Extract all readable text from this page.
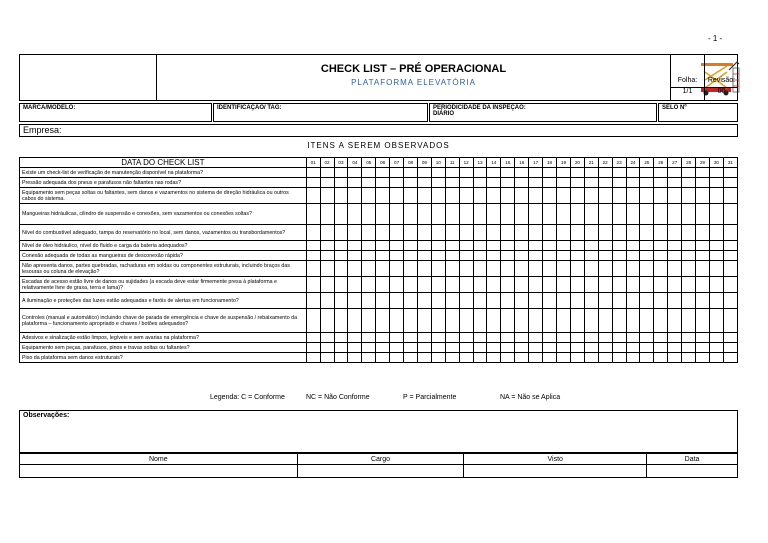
- 1 -
CHECK LIST – PRÉ OPERACIONAL
PLATAFORMA ELEVATÓRIA	Folha:
1/1
Revisão:
00
MARCA/MODELO:	IDENTIFICAÇÃO/ TAG:	PERIODICIDADE DA INSPEÇÃO:
DIÁRIO
SELO Nº
Empresa:
ITENS A SEREM OBSERVADOS
DATA DO CHECK LIST	01	02	03	04	05	06	07	08	09	10	11	12	13	14	15	16	17	18	19	20	21	22	23	24	25	26	27	28	29	30	31
Existe um check-list de verificação de manutenção disponível na plataforma?																															
Pressão adequada dos pneus e parafusos não faltantes nas rodas?																															
Equipamento sem peças soltas ou faltantes, sem danos e vazamentos no sistema de direção hidráulica ou outros cabos do sistema.																															
Mangueiras hidráulicas, cilindro de suspensão e conexões, sem vazamentos ou conexões soltas?																															
Nível do combustível adequado, tampa do reservatório no local, sem danos, vazamentos ou transbordamentos?																															
Nível de óleo hidráulico, nível do fluido e carga da bateria adequados?																															
Conexão adequada de todas as mangueiras de desconexão rápida?																															
Não apresenta danos, partes quebradas, rachaduras em soldas ou componentes estruturais, incluindo braços das lesouras ou coluna de elevação?																															
Escadas de acesso estão livre de danos ou sujidades (a escada deve estar firmemente presa à plataforma e relativamente livre de graxa, terra e lama)?																															
A iluminação e proteções das luzes estão adequadas e faróis de alertas em funcionamento?																															
Controles (manual e automático) incluindo chave de parada de emergência e chave de suspensão / rebaixamento da plataforma – funcionamento apropriado e chaves / botões adequados?																															
Adesivos e sinalização estão limpos, legíveis e sem avarias na plataforma?																															
Equipamento sem peças, parafusos, pinos e travas soltas ou faltantes?																															
Piso da plataforma sem danos estruturais?																															
Legenda: C = Conforme	NC = Não Conforme	P = Parcialmente	NA = Não se Aplica
Observações:
Nome	Cargo	Visto	Data
